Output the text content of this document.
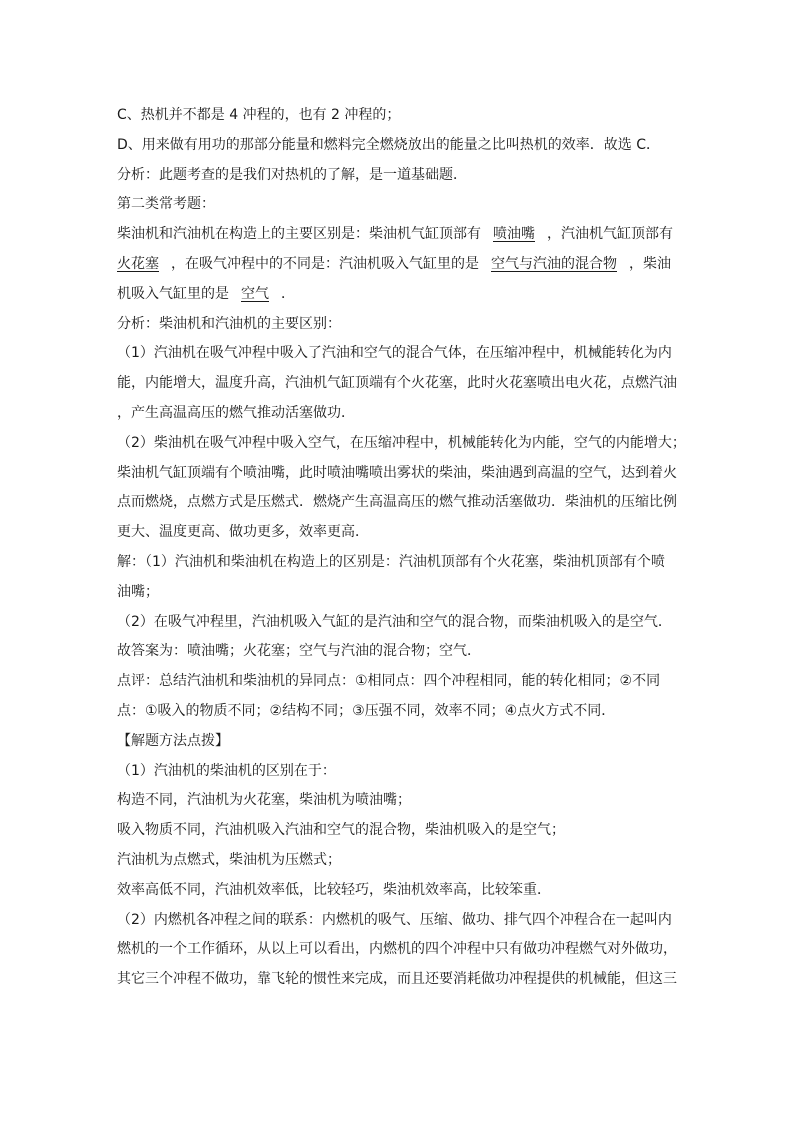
C、热机并不都是 4 冲程的，也有 2 冲程的；
D、用来做有用功的那部分能量和燃料完全燃烧放出的能量之比叫热机的效率．故选 C．
分析：此题考查的是我们对热机的了解，是一道基础题．
第二类常考题：
柴油机和汽油机在构造上的主要区别是：柴油机气缸顶部有 喷油嘴 ，汽油机气缸顶部有
火花塞 ，在吸气冲程中的不同是：汽油机吸入气缸里的是 空气与汽油的混合物 ，柴油
机吸入气缸里的是 空气 ．
分析：柴油机和汽油机的主要区别：
（1）汽油机在吸气冲程中吸入了汽油和空气的混合气体，在压缩冲程中，机械能转化为内
能，内能增大，温度升高，汽油机气缸顶端有个火花塞，此时火花塞喷出电火花，点燃汽油
，产生高温高压的燃气推动活塞做功．
（2）柴油机在吸气冲程中吸入空气，在压缩冲程中，机械能转化为内能，空气的内能增大；
柴油机气缸顶端有个喷油嘴，此时喷油嘴喷出雾状的柴油，柴油遇到高温的空气，达到着火
点而燃烧，点燃方式是压燃式．燃烧产生高温高压的燃气推动活塞做功．柴油机的压缩比例
更大、温度更高、做功更多，效率更高．
解：（1）汽油机和柴油机在构造上的区别是：汽油机顶部有个火花塞，柴油机顶部有个喷
油嘴；
（2）在吸气冲程里，汽油机吸入气缸的是汽油和空气的混合物，而柴油机吸入的是空气．
故答案为：喷油嘴；火花塞；空气与汽油的混合物；空气．
点评：总结汽油机和柴油机的异同点：①相同点：四个冲程相同，能的转化相同；②不同
点：①吸入的物质不同；②结构不同；③压强不同，效率不同；④点火方式不同．
【解题方法点拨】
（1）汽油机的柴油机的区别在于：
构造不同，汽油机为火花塞，柴油机为喷油嘴；
吸入物质不同，汽油机吸入汽油和空气的混合物，柴油机吸入的是空气；
汽油机为点燃式，柴油机为压燃式；
效率高低不同，汽油机效率低，比较轻巧，柴油机效率高，比较笨重．
（2）内燃机各冲程之间的联系：内燃机的吸气、压缩、做功、排气四个冲程合在一起叫内
燃机的一个工作循环，从以上可以看出，内燃机的四个冲程中只有做功冲程燃气对外做功，
其它三个冲程不做功，靠飞轮的惯性来完成，而且还要消耗做功冲程提供的机械能，但这三
